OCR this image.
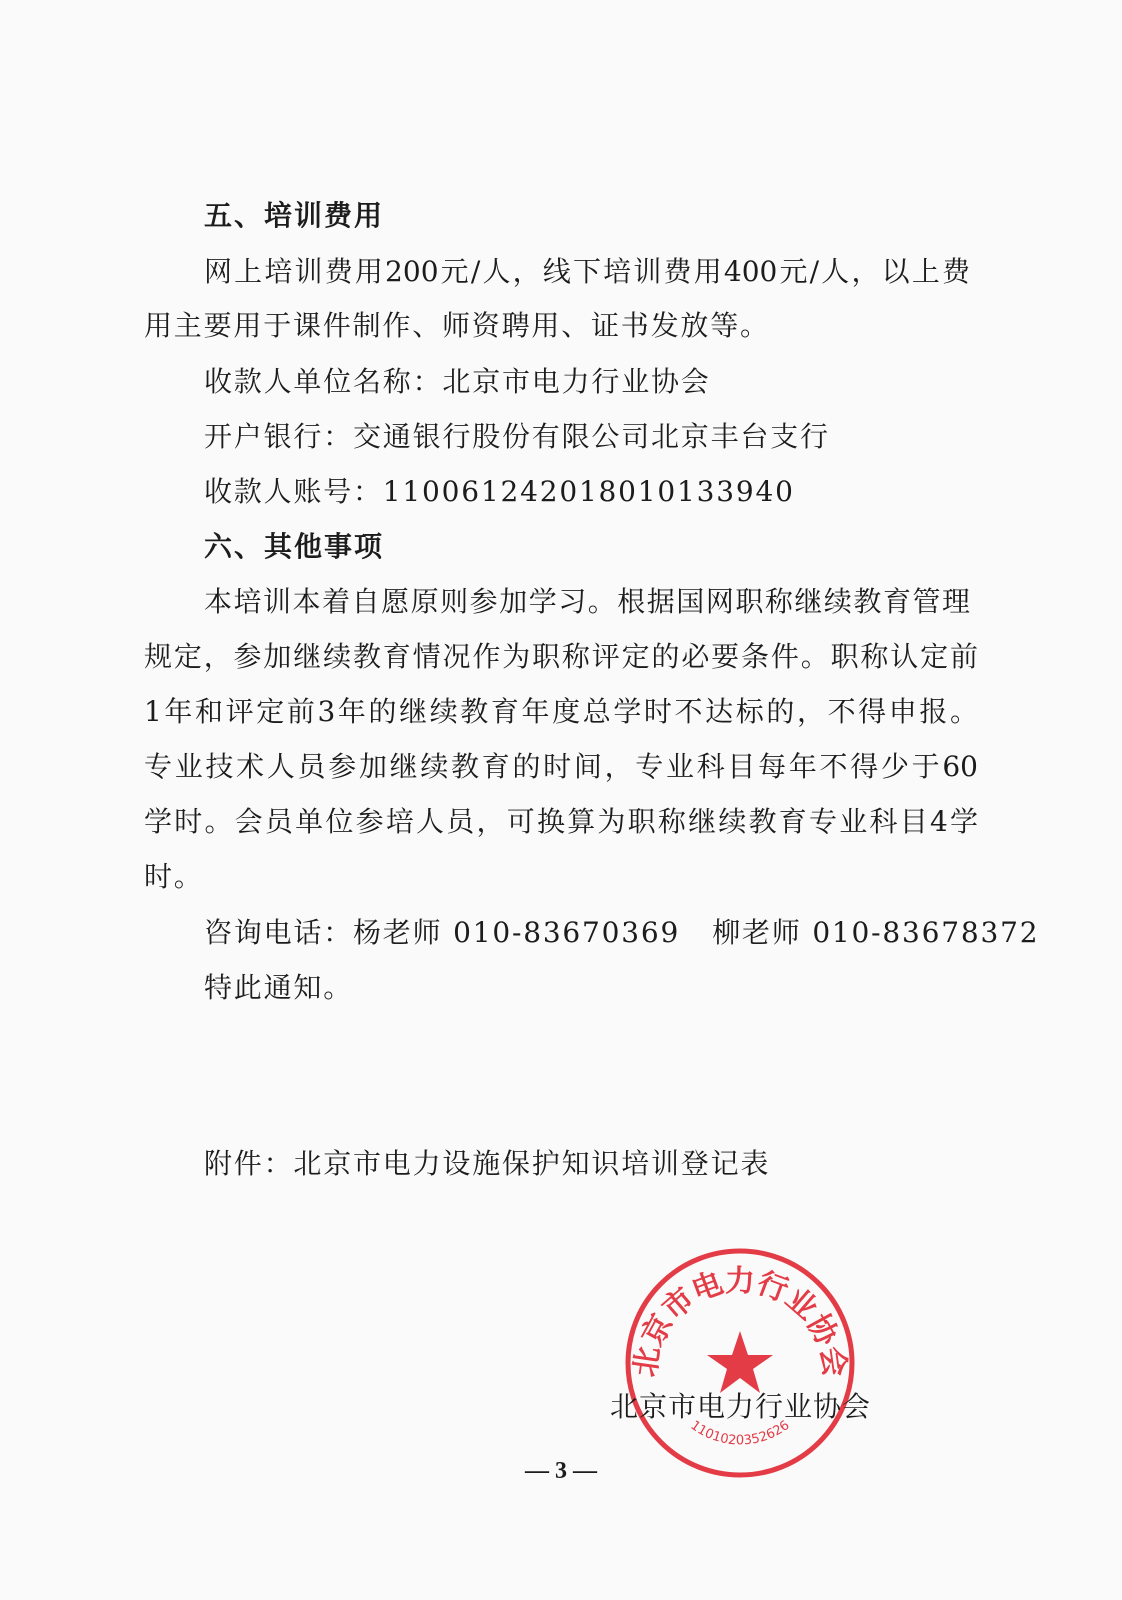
五、培训费用

网上培训费用200元/人，线下培训费用400元/人，以上费

用主要用于课件制作、师资聘用、证书发放等。

收款人单位名称：北京市电力行业协会

开户银行：交通银行股份有限公司北京丰台支行

收款人账号：110061242018010133940

六、其他事项

本培训本着自愿原则参加学习。根据国网职称继续教育管理

规定，参加继续教育情况作为职称评定的必要条件。职称认定前

1年和评定前3年的继续教育年度总学时不达标的，不得申报。

专业技术人员参加继续教育的时间，专业科目每年不得少于60

学时。会员单位参培人员，可换算为职称继续教育专业科目4学

时。

咨询电话：杨老师 010-83670369   柳老师 010-83678372

特此通知。

附件：北京市电力设施保护知识培训登记表

北京市电力行业协会
1101020352626

北京市电力行业协会

— 3 —
